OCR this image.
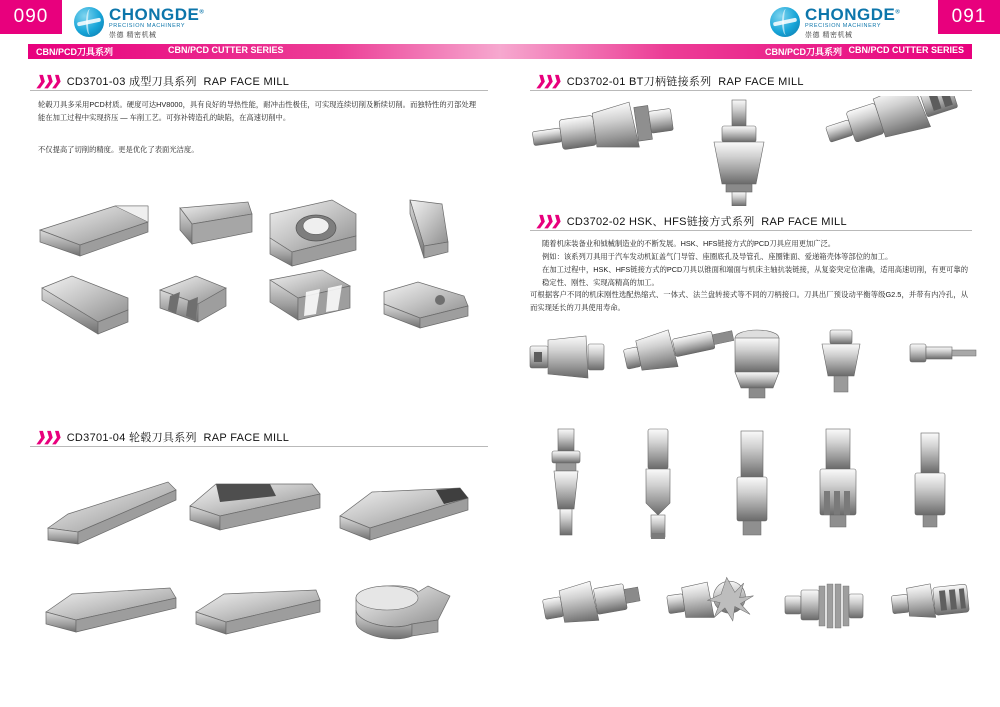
090	CHONGDE®
PRECISION MACHINERY
崇德 精密机械
CBN/PCD刀具系列	CBN/PCD CUTTER SERIES
❱❱❱ CD3701-03 成型刀具系列 RAP FACE MILL
轮毂刀具多采用PCD材质。硬度可达HV8000，具有良好的导热性能，耐冲击性极佳，可实现连续切削及断续切削。而独特性的刃部处理能在加工过程中实现挤压 — 车削工艺。可弥补铸造孔的缺陷，在高速切削中。
不仅提高了切削的精度。更是优化了表面光洁度。
❱❱❱ CD3701-04 轮毂刀具系列 RAP FACE MILL
091
CHONGDE®
PRECISION MACHINERY
崇德 精密机械
CBN/PCD刀具系列 CBN/PCD CUTTER SERIES
❱❱❱ CD3702-01 BT刀柄链接系列 RAP FACE MILL
❱❱❱ CD3702-02 HSK、HFS链接方式系列 RAP FACE MILL
随着机床装备业和钺械制造业的不断发展。HSK、HFS链接方式的PCD刀具应用更加广泛。
例如：该系列刀具用于汽车发动机缸盖气门导管、座圈底孔及导管孔、座圈锥面、爱递箱壳体等部位的加工。
在加工过程中，HSK、HFS链接方式的PCD刀具以锥面和端面与机床主轴抗装链接，从复姿突定位准确，适用高速切削，有更可靠的稳定性、刚性、实现高精高的加工。
可根据客户不同的机床刚性选配热缩式、一体式、法兰盘转接式等不同的刀柄接口。刀具出厂预设动平衡等级G2.5，并带有内冷孔，从而实现延长的刀具使用寿命。
